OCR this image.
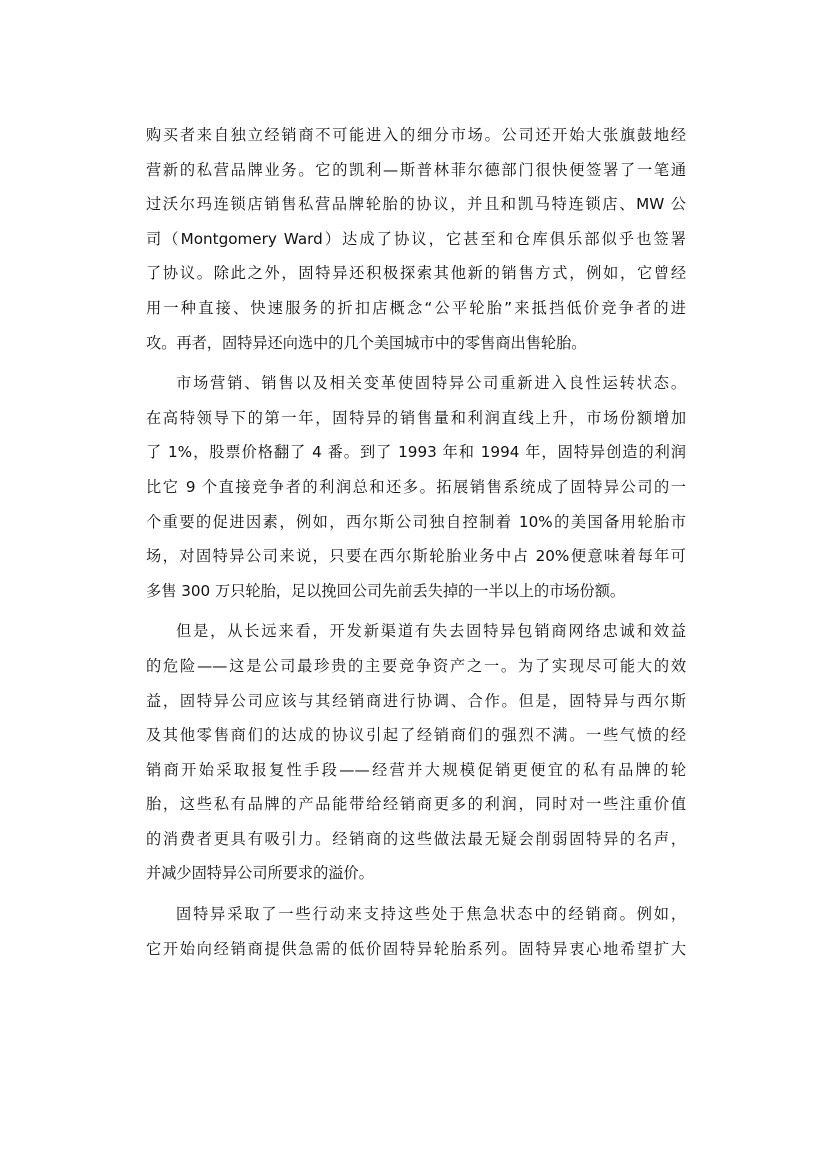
购买者来自独立经销商不可能进入的细分市场。公司还开始大张旗鼓地经
营新的私营品牌业务。它的凯利—斯普林菲尔德部门很快便签署了一笔通
过沃尔玛连锁店销售私营品牌轮胎的协议，并且和凯马特连锁店、MW 公
司（Montgomery Ward）达成了协议，它甚至和仓库俱乐部似乎也签署
了协议。除此之外，固特异还积极探索其他新的销售方式，例如，它曾经
用一种直接、快速服务的折扣店概念“公平轮胎”来抵挡低价竞争者的进
攻。再者，固特异还向选中的几个美国城市中的零售商出售轮胎。
市场营销、销售以及相关变革使固特异公司重新进入良性运转状态。
在高特领导下的第一年，固特异的销售量和利润直线上升，市场份额增加
了 1%，股票价格翻了 4 番。到了 1993 年和 1994 年，固特异创造的利润
比它 9 个直接竞争者的利润总和还多。拓展销售系统成了固特异公司的一
个重要的促进因素，例如，西尔斯公司独自控制着 10%的美国备用轮胎市
场，对固特异公司来说，只要在西尔斯轮胎业务中占 20%便意味着每年可
多售 300 万只轮胎，足以挽回公司先前丢失掉的一半以上的市场份额。
但是，从长远来看，开发新渠道有失去固特异包销商网络忠诚和效益
的危险——这是公司最珍贵的主要竞争资产之一。为了实现尽可能大的效
益，固特异公司应该与其经销商进行协调、合作。但是，固特异与西尔斯
及其他零售商们的达成的协议引起了经销商们的强烈不满。一些气愤的经
销商开始采取报复性手段——经营并大规模促销更便宜的私有品牌的轮
胎，这些私有品牌的产品能带给经销商更多的利润，同时对一些注重价值
的消费者更具有吸引力。经销商的这些做法最无疑会削弱固特异的名声，
并减少固特异公司所要求的溢价。
固特异采取了一些行动来支持这些处于焦急状态中的经销商。例如，
它开始向经销商提供急需的低价固特异轮胎系列。固特异衷心地希望扩大
